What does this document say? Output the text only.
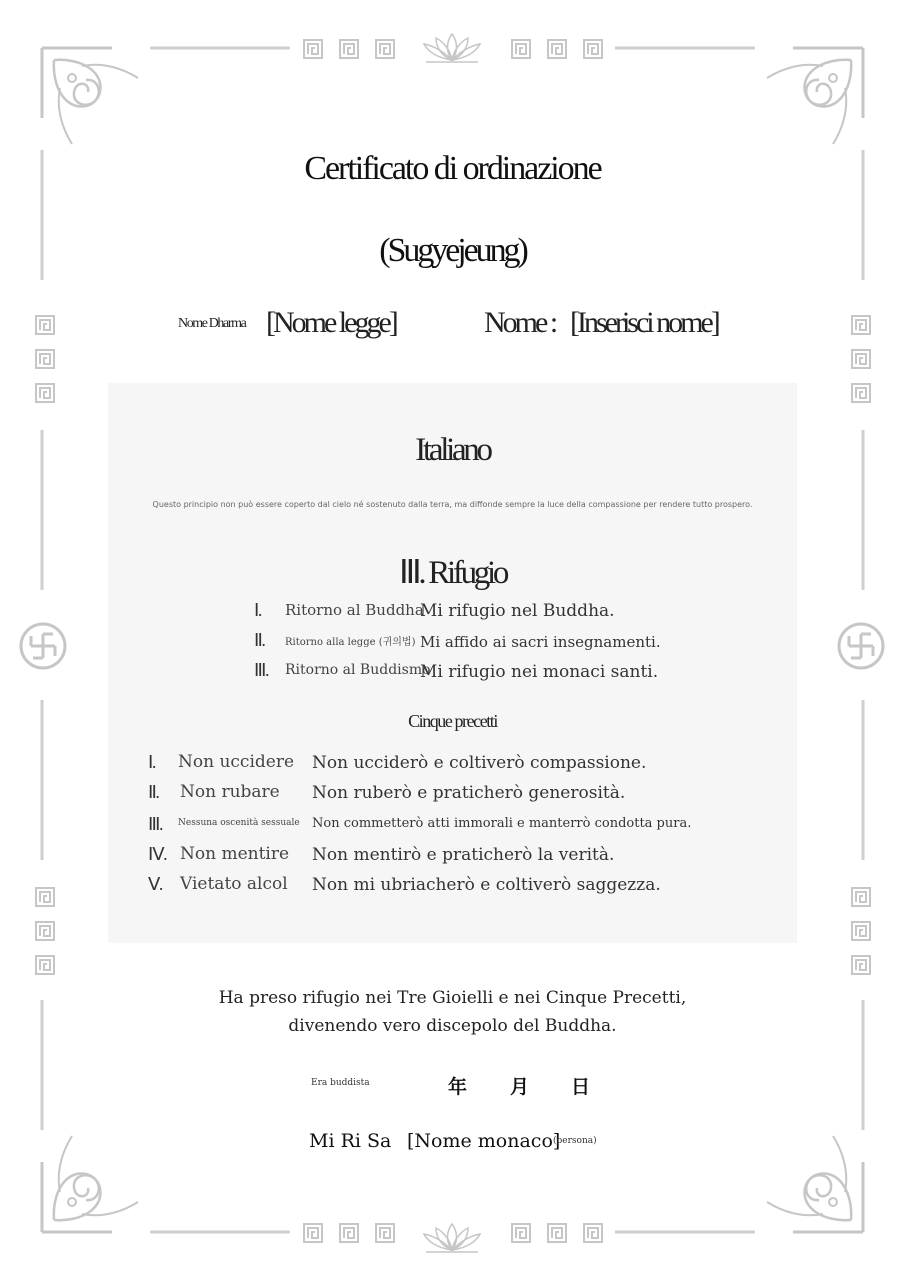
Certificato di ordinazione
(Sugyejeung)
Nome Dharma [Nome legge]	Nome : [Inserisci nome]
Italiano
Questo principio non può essere coperto dal cielo né sostenuto dalla terra, ma diffonde sempre la luce della compassione per rendere tutto prospero.
Ⅲ. Rifugio
Ⅰ. Ritorno al Buddha
Mi rifugio nel Buddha.
Ⅱ. Ritorno alla legge (귀의법) Mi affido ai sacri insegnamenti.
Ⅲ. Ritorno al Buddismo
Mi rifugio nei monaci santi.
Cinque precetti
Ⅰ. Non uccidere Non ucciderò e coltiverò compassione.
Ⅱ. Non rubare Non ruberò e praticherò generosità.
Ⅲ. Nessuna oscenità sessuale Non commetterò atti immorali e manterrò condotta pura.
Ⅳ. Non mentire Non mentirò e praticherò la verità.
Ⅴ. Vietato alcol Non mi ubriacherò e coltiverò saggezza.
Ha preso rifugio nei Tre Gioielli e nei Cinque Precetti,
divenendo vero discepolo del Buddha.
Era buddista	年 月 日
Mi Ri Sa [Nome monaco]
(persona)
